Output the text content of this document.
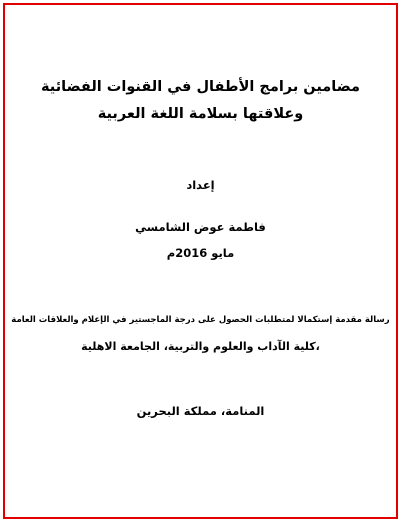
مضامين برامج الأطفال في القنوات الفضائية

وعلاقتها بسلامة اللغة العربية

إعداد

فاطمة عوض الشامسي

مايو 2016م

رسالة مقدمة إستكمالا لمتطلبات الحصول على درجة الماجستير في الإعلام والعلاقات العامة

،كلية الآداب والعلوم والتربية، الجامعة الاهلية

المنامة، مملكة البحرين
